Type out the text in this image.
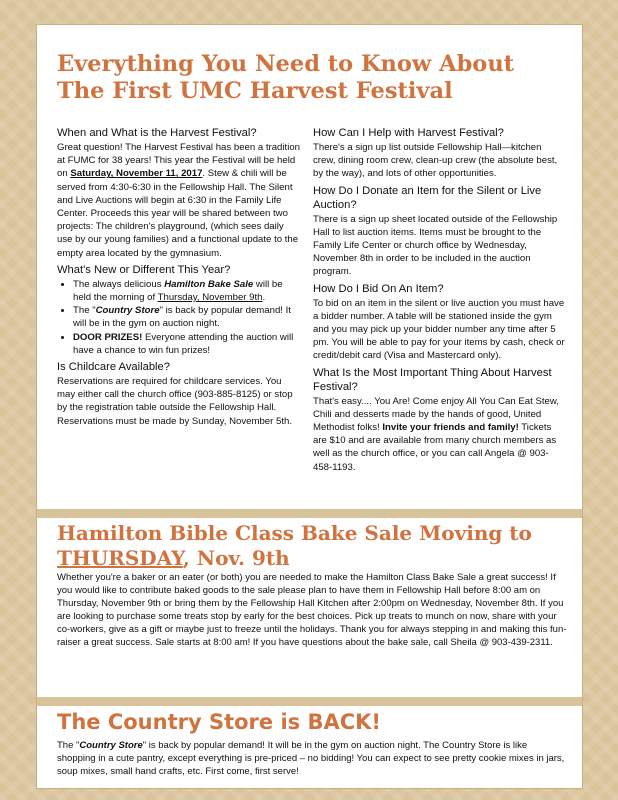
Everything You Need to Know About
The First UMC Harvest Festival
When and What is the Harvest Festival?

Great question! The Harvest Festival has been a tradition at FUMC for 38 years! This year the Festival will be held on Saturday, November 11, 2017. Stew & chili will be served from 4:30-6:30 in the Fellowship Hall. The Silent and Live Auctions will begin at 6:30 in the Family Life Center. Proceeds this year will be shared between two projects: The children's playground, (which sees daily use by our young families) and a functional update to the empty area located by the gymnasium.

What's New or Different This Year?
• The always delicious Hamilton Bake Sale will be held the morning of Thursday, November 9th.
• The "Country Store" is back by popular demand! It will be in the gym on auction night.
• DOOR PRIZES! Everyone attending the auction will have a chance to win fun prizes!
Is Childcare Available?

Reservations are required for childcare services. You may either call the church office (903-885-8125) or stop by the registration table outside the Fellowship Hall. Reservations must be made by Sunday, November 5th.

How Can I Help with Harvest Festival?

There's a sign up list outside Fellowship Hall—kitchen crew, dining room crew, clean-up crew (the absolute best, by the way), and lots of other opportunities.

How Do I Donate an Item for the Silent or Live Auction?

There is a sign up sheet located outside of the Fellowship Hall to list auction items. Items must be brought to the Family Life Center or church office by Wednesday, November 8th in order to be included in the auction program.

How Do I Bid On An Item?

To bid on an item in the silent or live auction you must have a bidder number. A table will be stationed inside the gym and you may pick up your bidder number any time after 5 pm. You will be able to pay for your items by cash, check or credit/debit card (Visa and Mastercard only).

What Is the Most Important Thing About Harvest Festival?

That's easy.... You Are! Come enjoy All You Can Eat Stew, Chili and desserts made by the hands of good, United Methodist folks! Invite your friends and family! Tickets are $10 and are available from many church members as well as the church office, or you can call Angela @ 903-458-1193.

Hamilton Bible Class Bake Sale Moving to THURSDAY, Nov. 9th

Whether you're a baker or an eater (or both) you are needed to make the Hamilton Class Bake Sale a great success! If you would like to contribute baked goods to the sale please plan to have them in Fellowship Hall before 8:00 am on Thursday, November 9th or bring them by the Fellowship Hall Kitchen after 2:00pm on Wednesday, November 8th. If you are looking to purchase some treats stop by early for the best choices. Pick up treats to munch on now, share with your co-workers, give as a gift or maybe just to freeze until the holidays. Thank you for always stepping in and making this fun-raiser a great success. Sale starts at 8:00 am! If you have questions about the bake sale, call Sheila @ 903-439-2311.

The Country Store is BACK!

The "Country Store" is back by popular demand! It will be in the gym on auction night. The Country Store is like shopping in a cute pantry, except everything is pre-priced – no bidding! You can expect to see pretty cookie mixes in jars, soup mixes, small hand crafts, etc. First come, first serve!
